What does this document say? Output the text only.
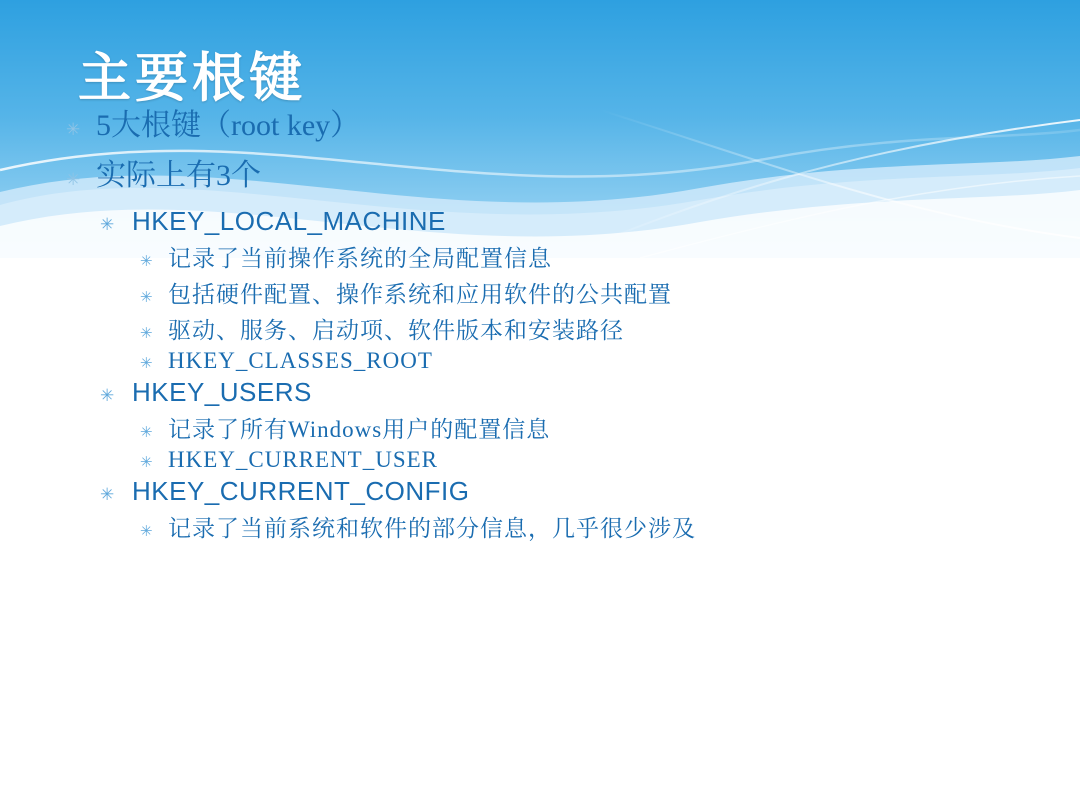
主要根键
✳ 5大根键（root key）
✳ 实际上有3个
✳ HKEY_LOCAL_MACHINE
✳ 记录了当前操作系统的全局配置信息
✳ 包括硬件配置、操作系统和应用软件的公共配置
✳ 驱动、服务、启动项、软件版本和安装路径
✳ HKEY_CLASSES_ROOT
✳ HKEY_USERS
✳ 记录了所有Windows用户的配置信息
✳ HKEY_CURRENT_USER
✳ HKEY_CURRENT_CONFIG
✳ 记录了当前系统和软件的部分信息，几乎很少涉及
